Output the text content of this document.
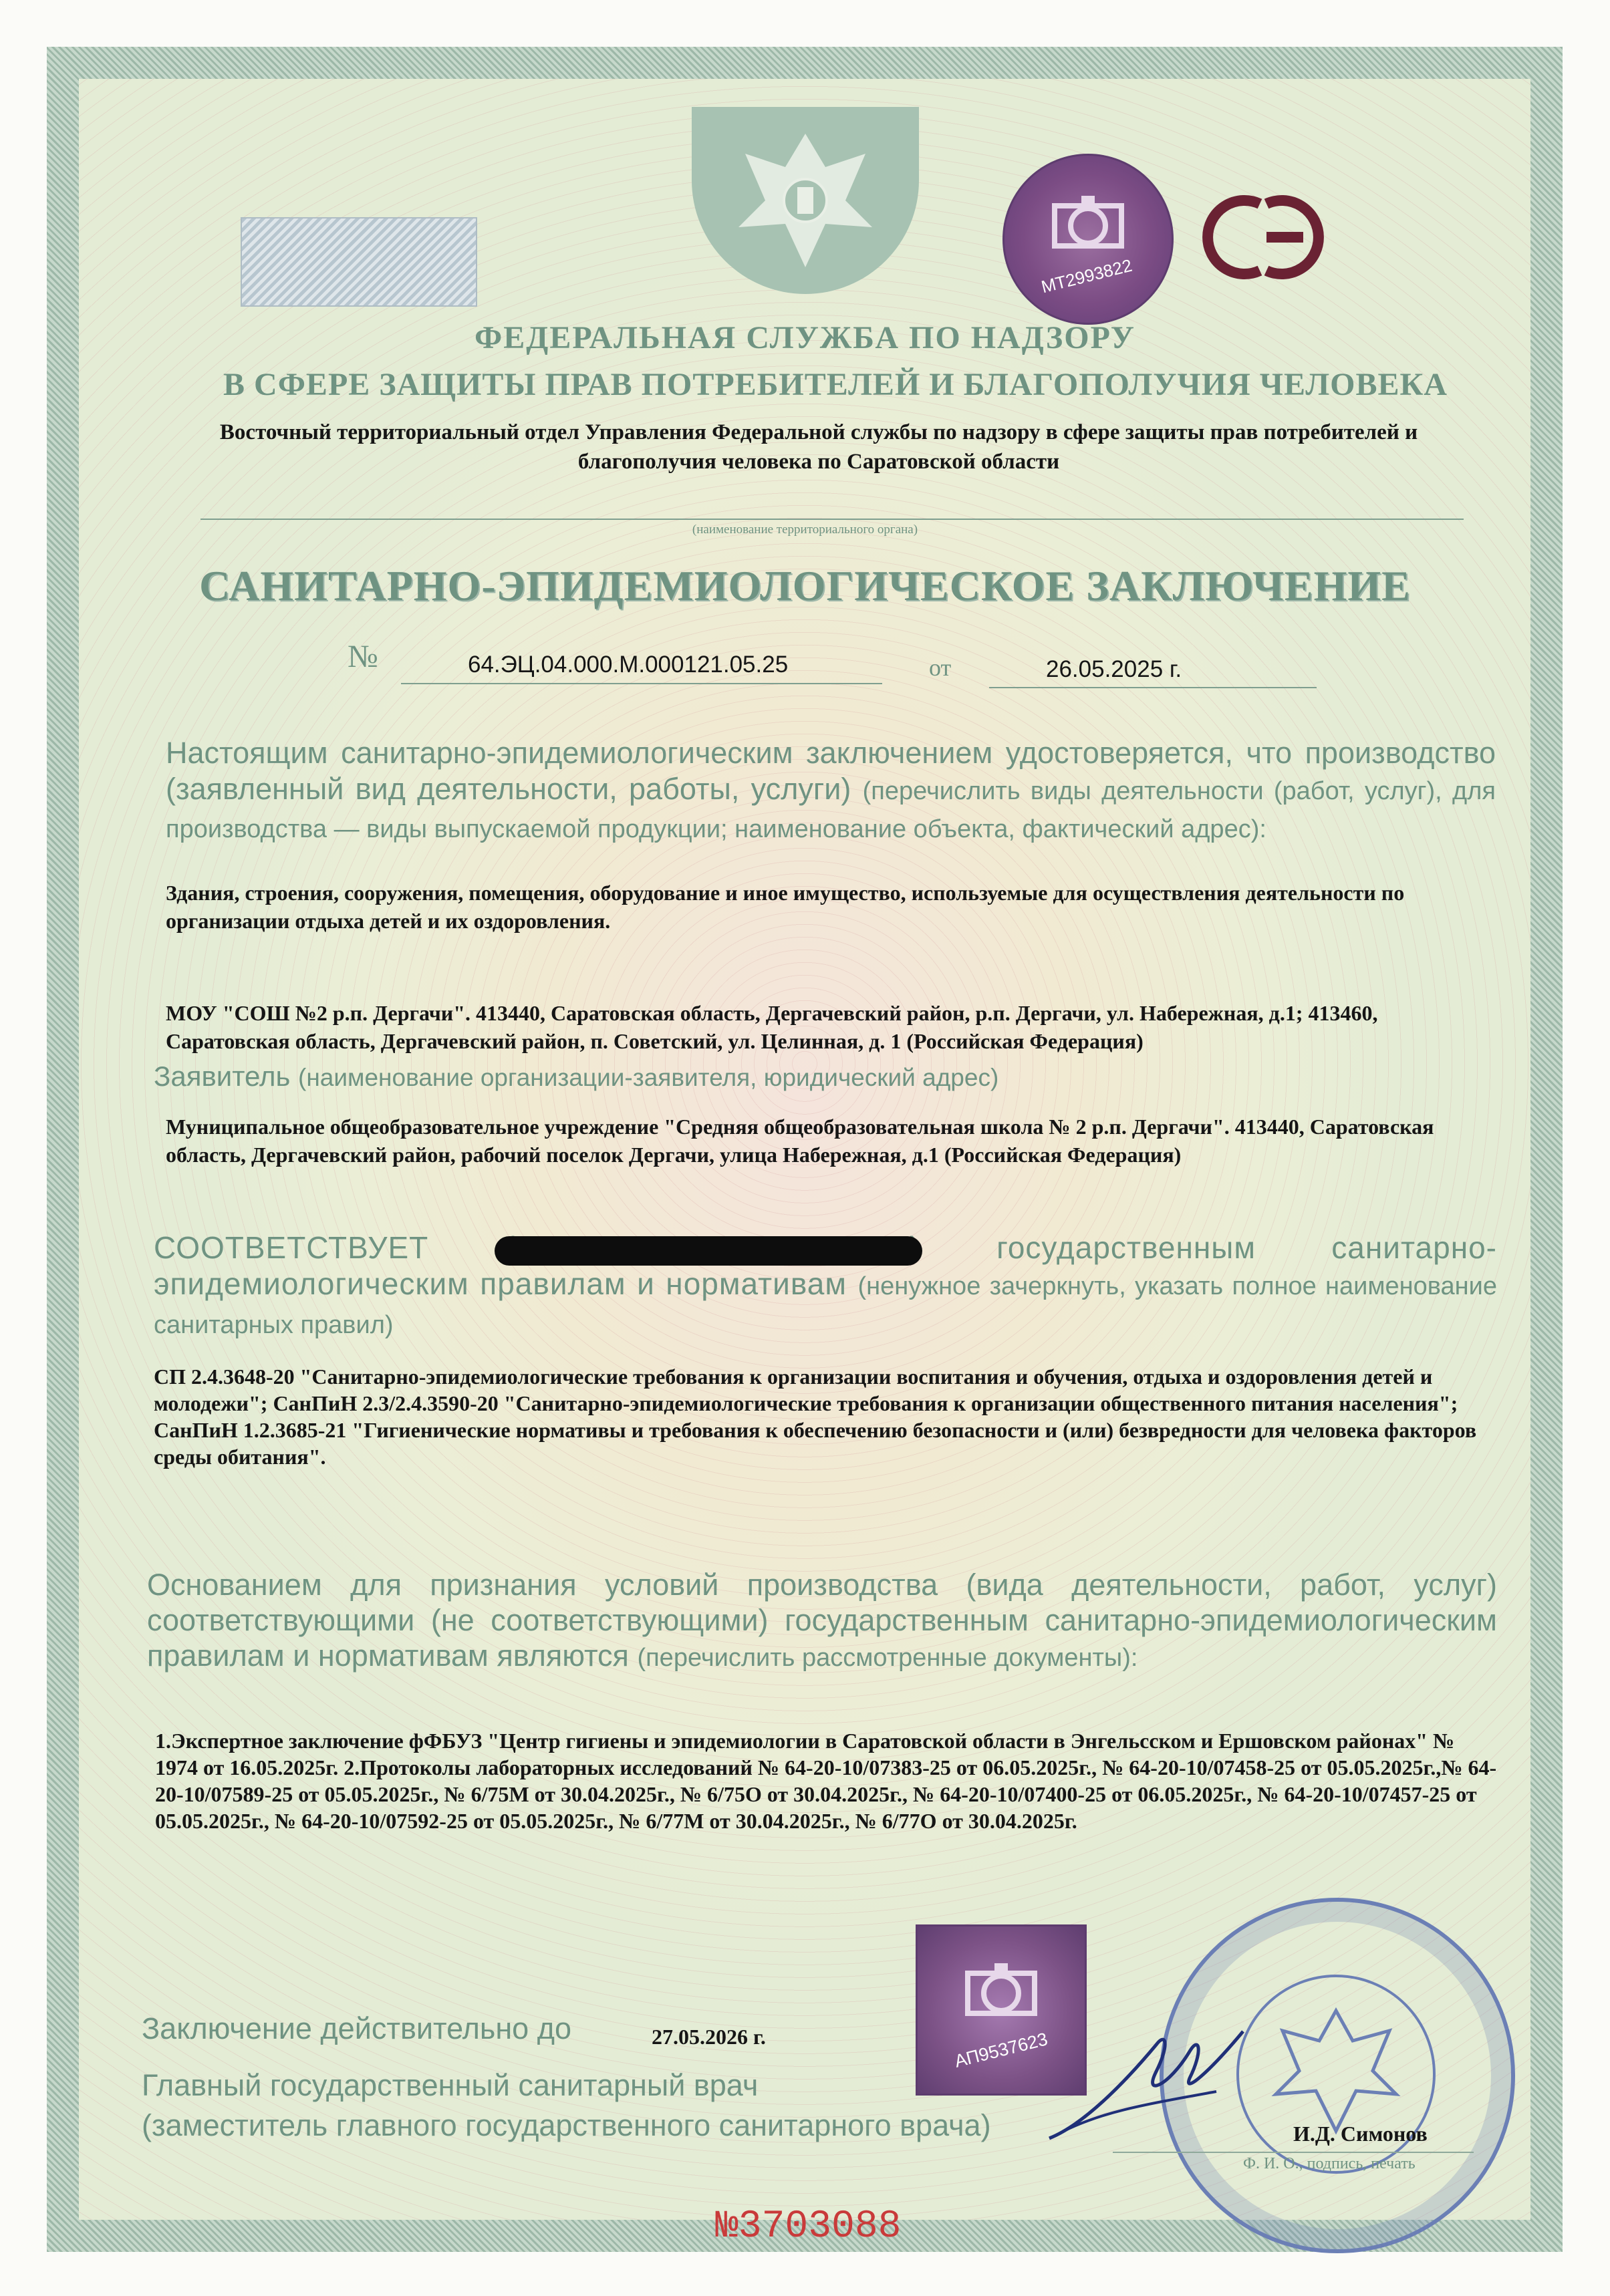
МТ2993822
ФЕДЕРАЛЬНАЯ СЛУЖБА ПО НАДЗОРУ
В СФЕРЕ ЗАЩИТЫ ПРАВ ПОТРЕБИТЕЛЕЙ И БЛАГОПОЛУЧИЯ ЧЕЛОВЕКА

Восточный территориальный отдел Управления Федеральной службы по надзору в сфере защиты прав потребителей и благополучия человека по Саратовской области

(наименование территориального органа)
САНИТАРНО-ЭПИДЕМИОЛОГИЧЕСКОЕ ЗАКЛЮЧЕНИЕ
№	64.ЭЦ.04.000.М.000121.05.25	от	26.05.2025 г.

Настоящим санитарно-эпидемиологическим заключением удостоверяется, что производство (заявленный вид деятельности, работы, услуги) (перечислить виды деятельности (работ, услуг), для производства — виды выпускаемой продукции; наименование объекта, фактический адрес):

Здания, строения, сооружения, помещения, оборудование и иное имущество, используемые для осуществления деятельности по организации отдыха детей и их оздоровления.

МОУ "СОШ №2 р.п. Дергачи". 413440, Саратовская область, Дергачевский район, р.п. Дергачи, ул. Набережная, д.1; 413460, Саратовская область, Дергачевский район, п. Советский, ул. Целинная, д. 1 (Российская Федерация)

Заявитель (наименование организации-заявителя, юридический адрес)

Муниципальное общеобразовательное учреждение "Средняя общеобразовательная школа № 2 р.п. Дергачи". 413440, Саратовская область, Дергачевский район, рабочий поселок Дергачи, улица Набережная, д.1 (Российская Федерация)

СООТВЕТСТВУЕТ	государственным санитарно-эпидемиологическим правилам и нормативам (ненужное зачеркнуть, указать полное наименование санитарных правил)

СП 2.4.3648-20 "Санитарно-эпидемиологические требования к организации воспитания и обучения, отдыха и оздоровления детей и молодежи"; СанПиН 2.3/2.4.3590-20 "Санитарно-эпидемиологические требования к организации общественного питания населения"; СанПиН 1.2.3685-21 "Гигиенические нормативы и требования к обеспечению безопасности и (или) безвредности для человека факторов среды обитания".

Основанием для признания условий производства (вида деятельности, работ, услуг) соответствующими (не соответствующими) государственным санитарно-эпидемиологическим правилам и нормативам являются (перечислить рассмотренные документы):

1.Экспертное заключение фФБУЗ "Центр гигиены и эпидемиологии в Саратовской области в Энгельсском и Ершовском районах" № 1974 от 16.05.2025г. 2.Протоколы лабораторных исследований № 64-20-10/07383-25 от 06.05.2025г., № 64-20-10/07458-25 от 05.05.2025г.,№ 64-20-10/07589-25 от 05.05.2025г., № 6/75М от 30.04.2025г., № 6/75О от 30.04.2025г., № 64-20-10/07400-25 от 06.05.2025г., № 64-20-10/07457-25 от 05.05.2025г., № 64-20-10/07592-25 от 05.05.2025г., № 6/77М от 30.04.2025г., № 6/77О от 30.04.2025г.

АП9537623
Заключение действительно до	27.05.2026 г.
Главный государственный санитарный врач
(заместитель главного государственного санитарного врача)	И.Д. Симонов
Ф. И. О., подпись, печать
№3703088
